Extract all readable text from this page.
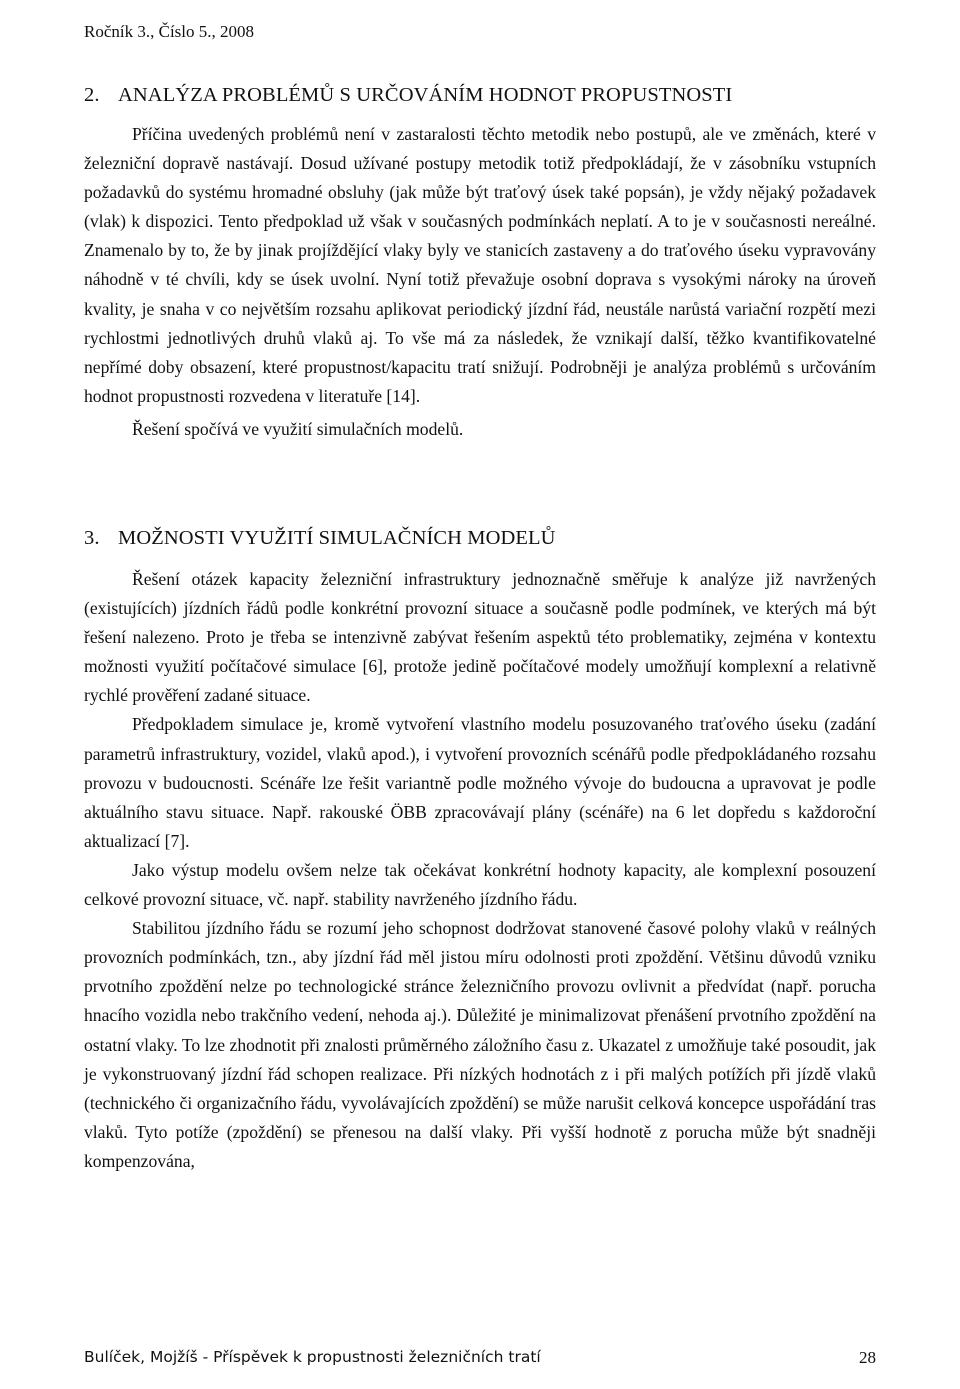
Ročník 3., Číslo 5., 2008
2. ANALÝZA PROBLÉMŮ S URČOVÁNÍM HODNOT PROPUSTNOSTI

Příčina uvedených problémů není v zastaralosti těchto metodik nebo postupů, ale ve změnách, které v železniční dopravě nastávají. Dosud užívané postupy metodik totiž předpokládají, že v zásobníku vstupních požadavků do systému hromadné obsluhy (jak může být traťový úsek také popsán), je vždy nějaký požadavek (vlak) k dispozici. Tento předpoklad už však v současných podmínkách neplatí. A to je v současnosti nereálné. Znamenalo by to, že by jinak projíždějící vlaky byly ve stanicích zastaveny a do traťového úseku vypravovány náhodně v té chvíli, kdy se úsek uvolní. Nyní totiž převažuje osobní doprava s vysokými nároky na úroveň kvality, je snaha v co největším rozsahu aplikovat periodický jízdní řád, neustále narůstá variační rozpětí mezi rychlostmi jednotlivých druhů vlaků aj. To vše má za následek, že vznikají další, těžko kvantifikovatelné nepřímé doby obsazení, které propustnost/kapacitu tratí snižují. Podrobněji je analýza problémů s určováním hodnot propustnosti rozvedena v literatuře [14].

Řešení spočívá ve využití simulačních modelů.

3. MOŽNOSTI VYUŽITÍ SIMULAČNÍCH MODELŮ

Řešení otázek kapacity železniční infrastruktury jednoznačně směřuje k analýze již navržených (existujících) jízdních řádů podle konkrétní provozní situace a současně podle podmínek, ve kterých má být řešení nalezeno. Proto je třeba se intenzivně zabývat řešením aspektů této problematiky, zejména v kontextu možnosti využití počítačové simulace [6], protože jedině počítačové modely umožňují komplexní a relativně rychlé prověření zadané situace.

Předpokladem simulace je, kromě vytvoření vlastního modelu posuzovaného traťového úseku (zadání parametrů infrastruktury, vozidel, vlaků apod.), i vytvoření provozních scénářů podle předpokládaného rozsahu provozu v budoucnosti. Scénáře lze řešit variantně podle možného vývoje do budoucna a upravovat je podle aktuálního stavu situace. Např. rakouské ÖBB zpracovávají plány (scénáře) na 6 let dopředu s každoroční aktualizací [7].

Jako výstup modelu ovšem nelze tak očekávat konkrétní hodnoty kapacity, ale komplexní posouzení celkové provozní situace, vč. např. stability navrženého jízdního řádu.

Stabilitou jízdního řádu se rozumí jeho schopnost dodržovat stanovené časové polohy vlaků v reálných provozních podmínkách, tzn., aby jízdní řád měl jistou míru odolnosti proti zpoždění. Většinu důvodů vzniku prvotního zpoždění nelze po technologické stránce železničního provozu ovlivnit a předvídat (např. porucha hnacího vozidla nebo trakčního vedení, nehoda aj.). Důležité je minimalizovat přenášení prvotního zpoždění na ostatní vlaky. To lze zhodnotit při znalosti průměrného záložního času z. Ukazatel z umožňuje také posoudit, jak je vykonstruovaný jízdní řád schopen realizace. Při nízkých hodnotách z i při malých potížích při jízdě vlaků (technického či organizačního řádu, vyvolávajících zpoždění) se může narušit celková koncepce uspořádání tras vlaků. Tyto potíže (zpoždění) se přenesou na další vlaky. Při vyšší hodnotě z porucha může být snadněji kompenzována,

Bulíček, Mojžíš - Příspěvek k propustnosti železničních tratí	28
